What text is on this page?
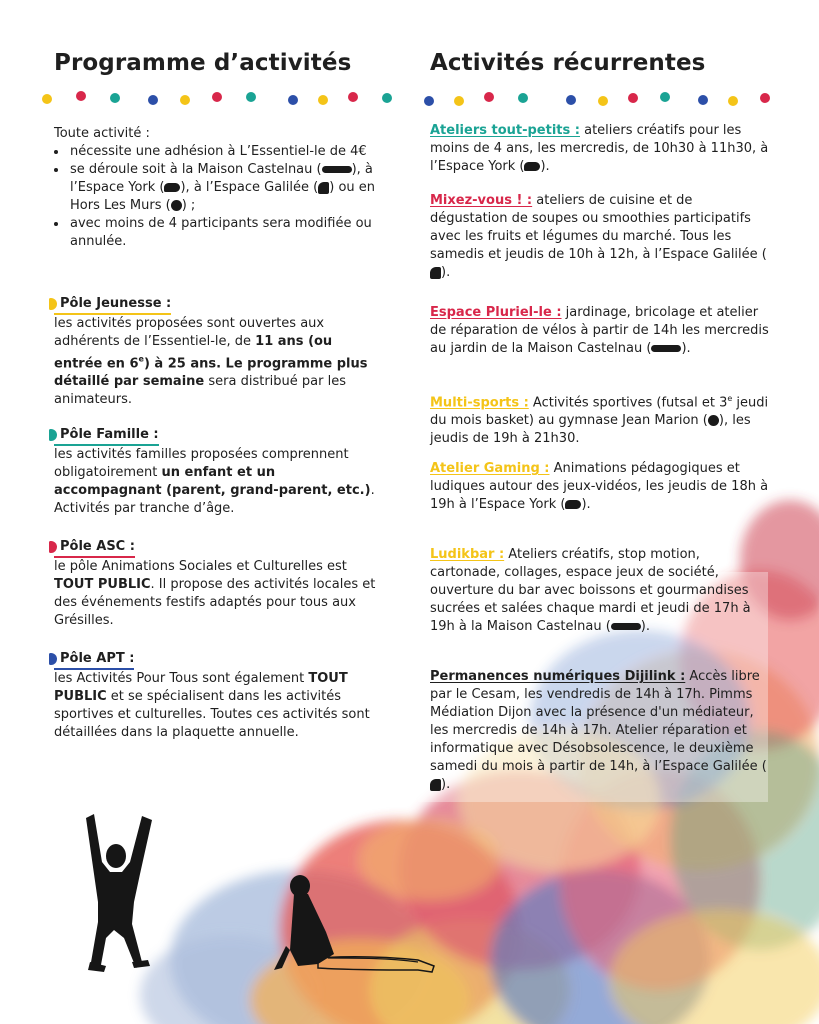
Programme d’activités

Toute activité :

• nécessite une adhésion à L’Essentiel-le de 4€
• se déroule soit à la Maison Castelnau ( ), à l’Espace York ( ), à l’Espace Galilée ( ) ou en Hors Les Murs ( ) ;
• avec moins de 4 participants sera modifiée ou annulée.
Pôle Jeunesse :

les activités proposées sont ouvertes aux adhérents de l’Essentiel-le, de 11 ans (ou entrée en 6e) à 25 ans. Le programme plus détaillé par semaine sera distribué par les animateurs.

Pôle Famille :

les activités familles proposées comprennent obligatoirement un enfant et un accompagnant (parent, grand-parent, etc.). Activités par tranche d’âge.

Pôle ASC :

le pôle Animations Sociales et Culturelles est TOUT PUBLIC. Il propose des activités locales et des événements festifs adaptés pour tous aux Grésilles.

Pôle APT :

les Activités Pour Tous sont également TOUT PUBLIC et se spécialisent dans les activités sportives et culturelles. Toutes ces activités sont détaillées dans la plaquette annuelle.

Activités récurrentes

Ateliers tout-petits : ateliers créatifs pour les moins de 4 ans, les mercredis, de 10h30 à 11h30, à l’Espace York ( ).

Mixez-vous ! : ateliers de cuisine et de dégustation de soupes ou smoothies participatifs avec les fruits et légumes du marché. Tous les samedis et jeudis de 10h à 12h, à l’Espace Galilée ().

Espace Pluriel-le : jardinage, bricolage et atelier de réparation de vélos à partir de 14h les mercredis au jardin de la Maison Castelnau ( ).

Multi-sports : Activités sportives (futsal et 3e jeudi du mois basket) au gymnase Jean Marion ( ), les jeudis de 19h à 21h30.

Atelier Gaming : Animations pédagogiques et ludiques autour des jeux-vidéos, les jeudis de 18h à 19h à l’Espace York ( ).

Ludikbar : Ateliers créatifs, stop motion, cartonade, collages, espace jeux de société, ouverture du bar avec boissons et gourmandises sucrées et salées chaque mardi et jeudi de 17h à 19h à la Maison Castelnau ( ).

Permanences numériques Dijilink : Accès libre par le Cesam, les vendredis de 14h à 17h. Pimms Médiation Dijon avec la présence d'un médiateur, les mercredis de 14h à 17h. Atelier réparation et informatique avec Désobsolescence, le deuxième samedi du mois à partir de 14h, à l’Espace Galilée ().
